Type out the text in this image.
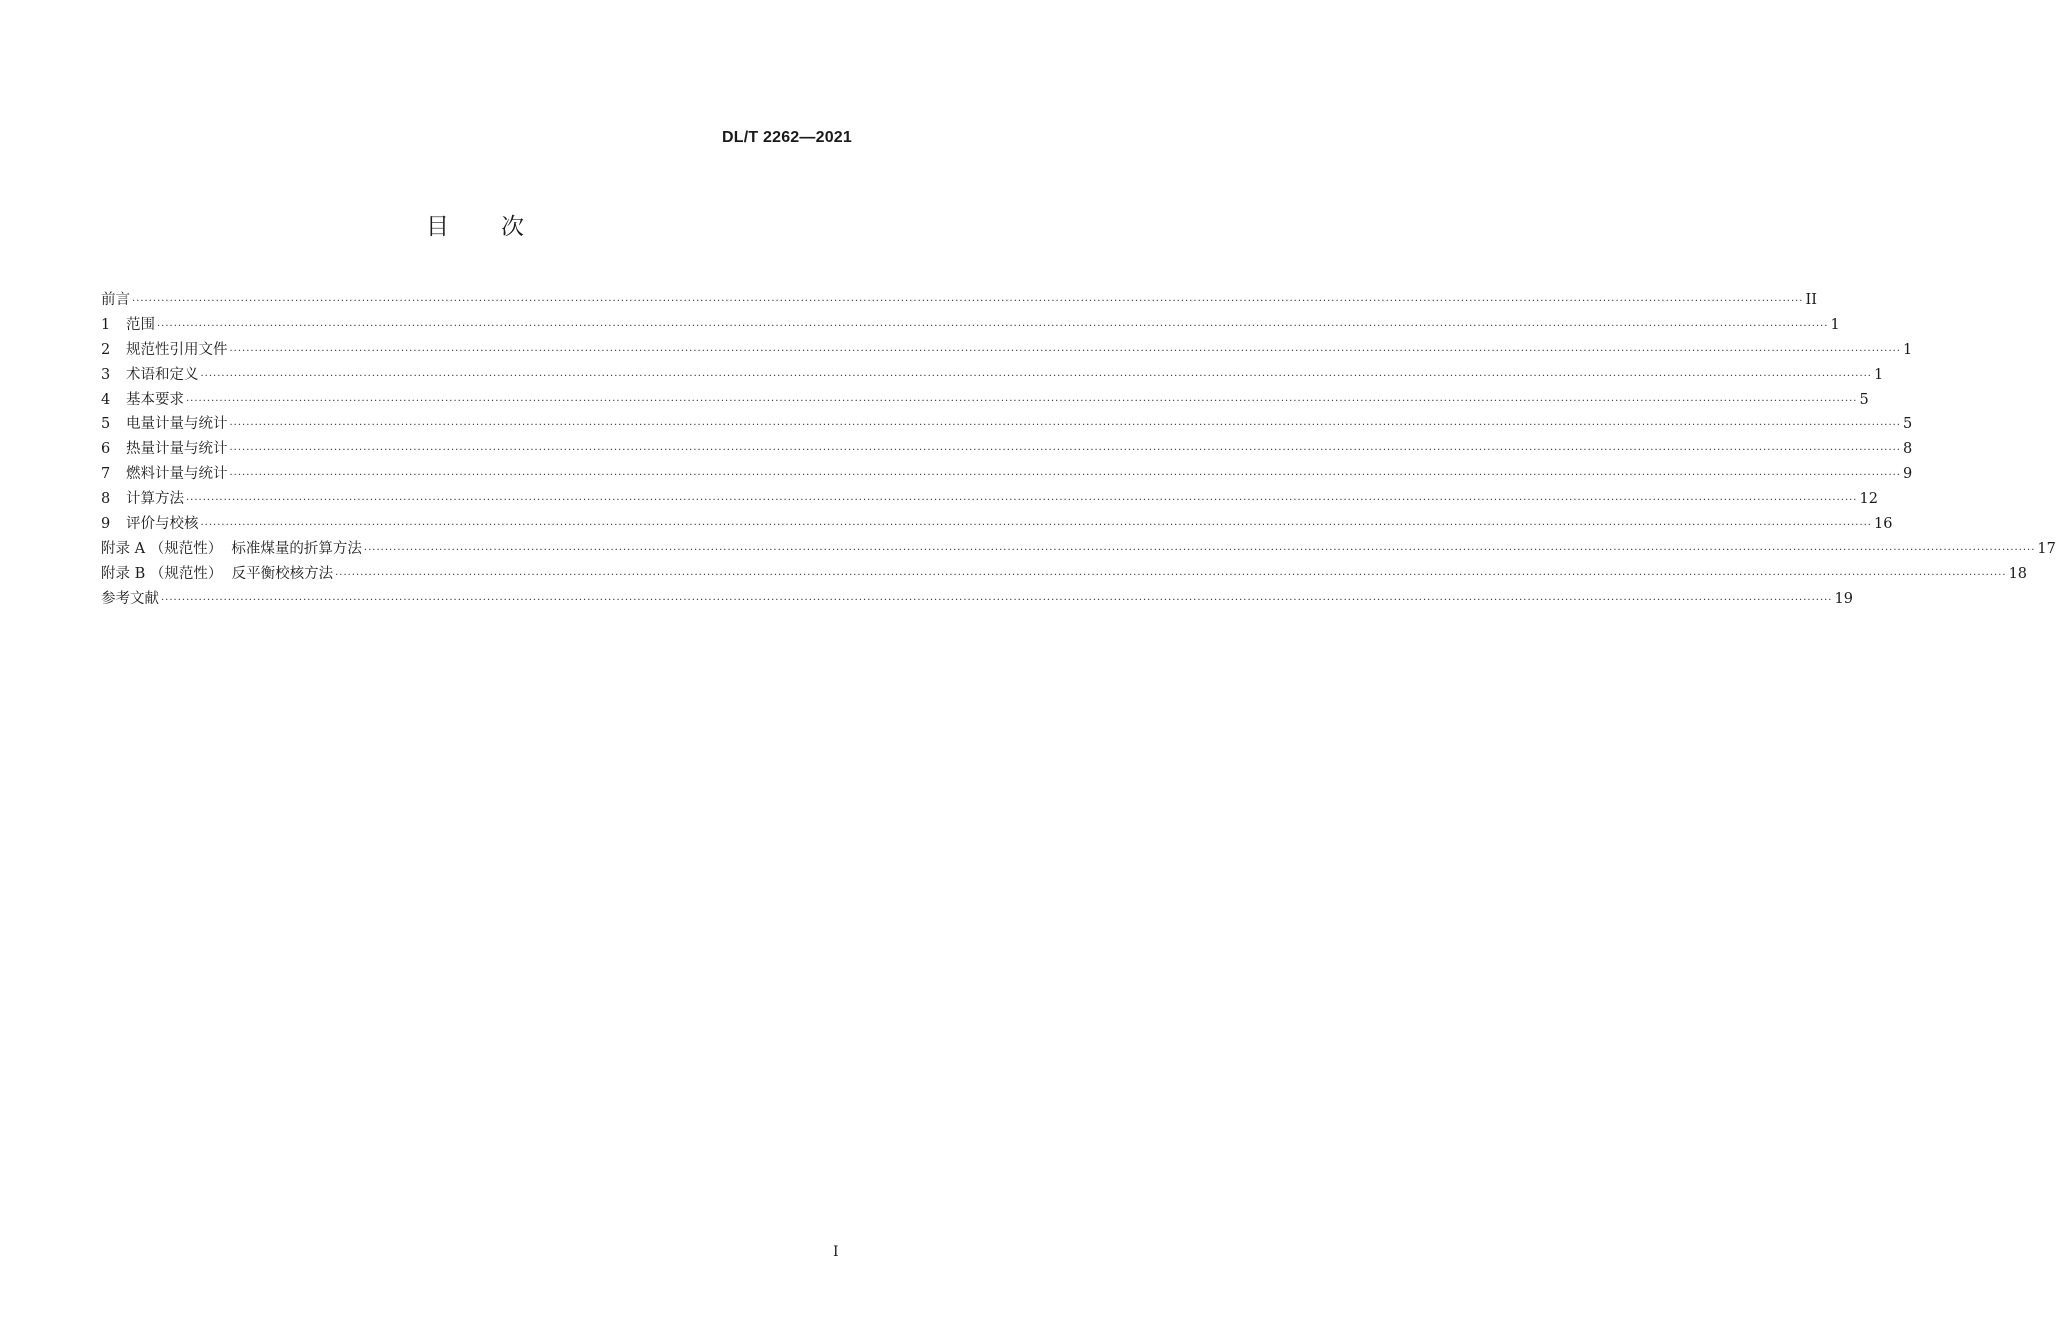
DL/T 2262—2021
目次
前言 ················································································································································································································································································································································································································ II
1	范围 ················································································································································································································································································································································································································ 1
2	规范性引用文件 ················································································································································································································································································································································································································ 1
3	术语和定义 ················································································································································································································································································································································································································ 1
4	基本要求 ················································································································································································································································································································································································································ 5
5	电量计量与统计 ················································································································································································································································································································································································································ 5
6	热量计量与统计 ················································································································································································································································································································································································································ 8
7	燃料计量与统计 ················································································································································································································································································································································································································ 9
8	计算方法 ················································································································································································································································································································································································································ 12
9	评价与校核 ················································································································································································································································································································································································································ 16
附录 A （规范性）  标准煤量的折算方法 ················································································································································································································································································································································································································ 17
附录 B （规范性）  反平衡校核方法 ················································································································································································································································································································································································································ 18
参考文献 ················································································································································································································································································································································································································ 19
I
